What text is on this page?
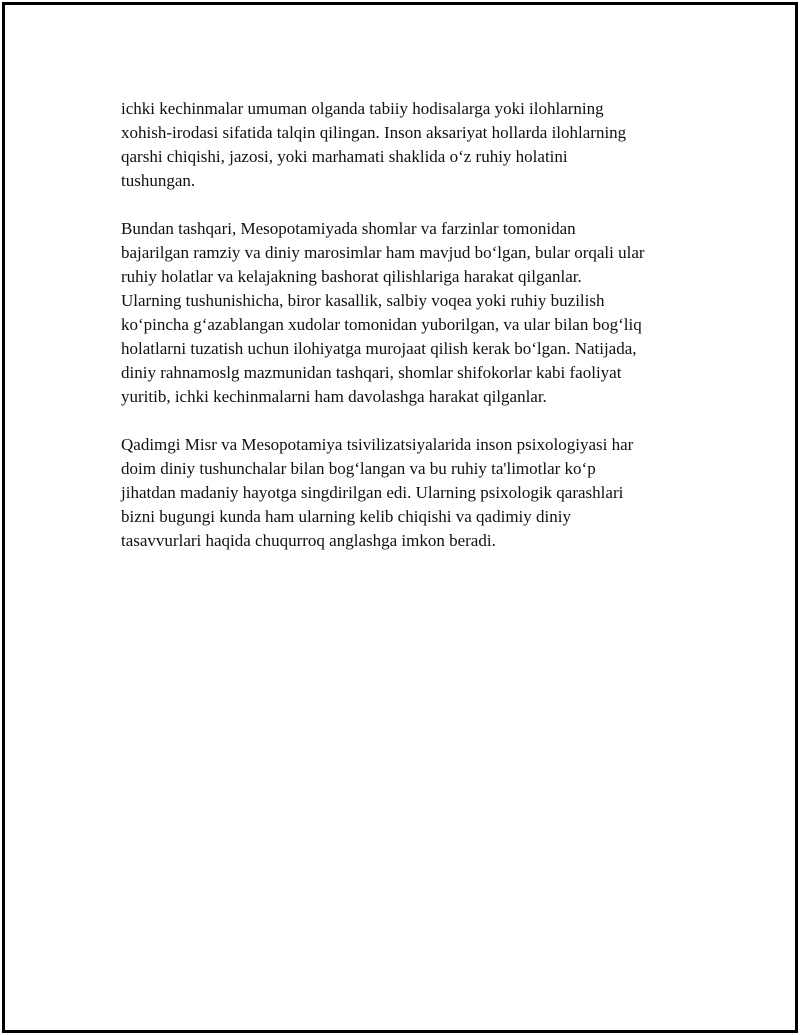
ichki kechinmalar umuman olganda tabiiy hodisalarga yoki ilohlarning
xohish-irodasi sifatida talqin qilingan. Inson aksariyat hollarda ilohlarning
qarshi chiqishi, jazosi, yoki marhamati shaklida o‘z ruhiy holatini
tushungan.

Bundan tashqari, Mesopotamiyada shomlar va farzinlar tomonidan
bajarilgan ramziy va diniy marosimlar ham mavjud bo‘lgan, bular orqali ular
ruhiy holatlar va kelajakning bashorat qilishlariga harakat qilganlar.
Ularning tushunishicha, biror kasallik, salbiy voqea yoki ruhiy buzilish
ko‘pincha g‘azablangan xudolar tomonidan yuborilgan, va ular bilan bog‘liq
holatlarni tuzatish uchun ilohiyatga murojaat qilish kerak bo‘lgan. Natijada,
diniy rahnamoslg mazmunidan tashqari, shomlar shifokorlar kabi faoliyat
yuritib, ichki kechinmalarni ham davolashga harakat qilganlar.

Qadimgi Misr va Mesopotamiya tsivilizatsiyalarida inson psixologiyasi har
doim diniy tushunchalar bilan bog‘langan va bu ruhiy ta'limotlar ko‘p
jihatdan madaniy hayotga singdirilgan edi. Ularning psixologik qarashlari
bizni bugungi kunda ham ularning kelib chiqishi va qadimiy diniy
tasavvurlari haqida chuqurroq anglashga imkon beradi.
